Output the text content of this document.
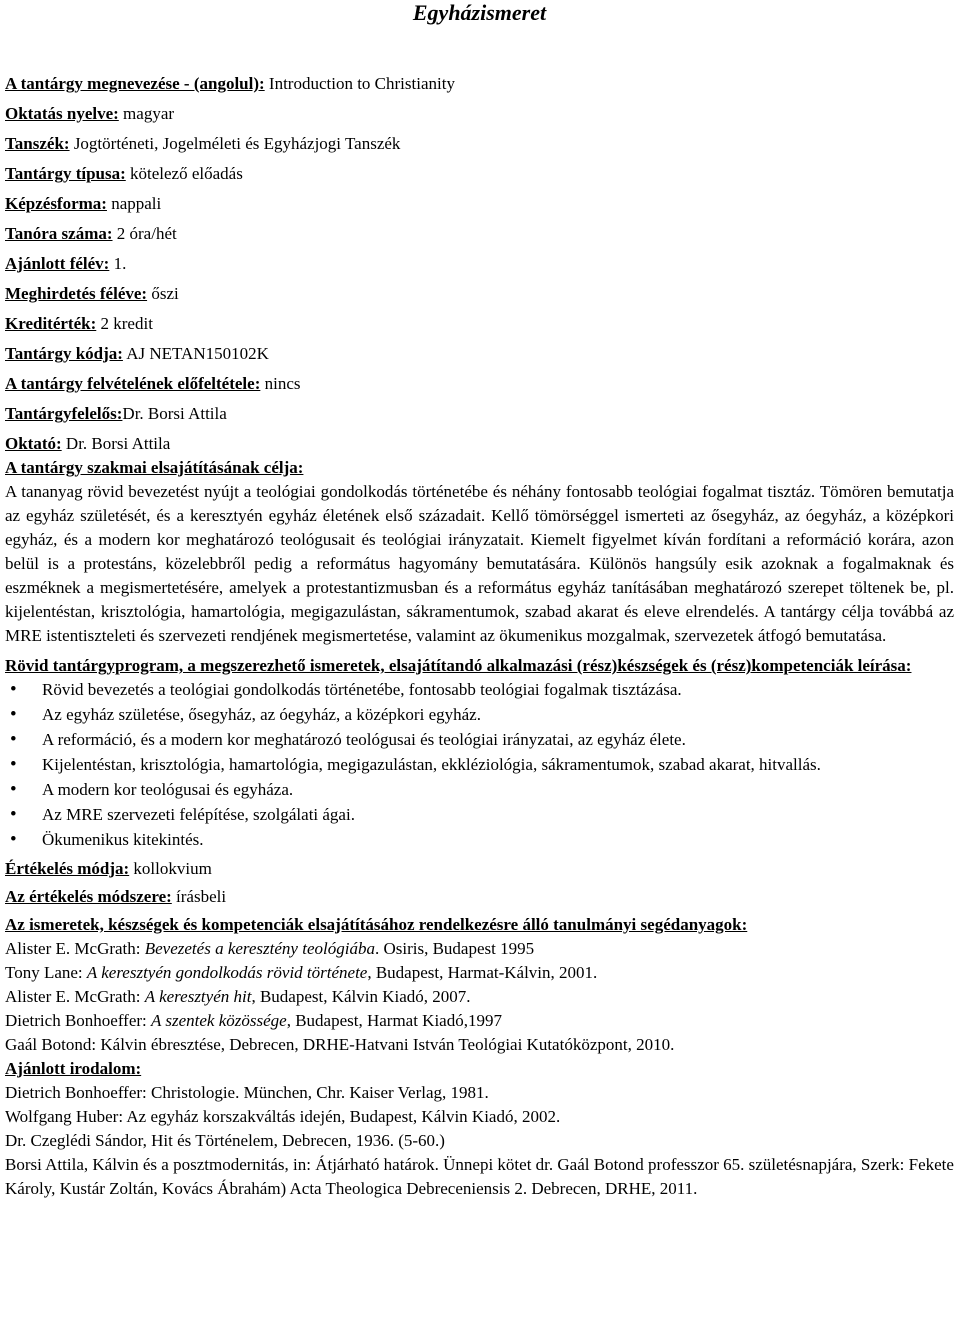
Egyházismeret

A tantárgy megnevezése - (angolul): Introduction to Christianity

Oktatás nyelve: magyar

Tanszék: Jogtörténeti, Jogelméleti és Egyházjogi Tanszék

Tantárgy típusa: kötelező előadás

Képzésforma: nappali

Tanóra száma: 2 óra/hét

Ajánlott félév: 1.

Meghirdetés féléve: őszi

Kreditérték: 2 kredit

Tantárgy kódja: AJ NETAN150102K

A tantárgy felvételének előfeltétele: nincs

Tantárgyfelelős:Dr. Borsi Attila

Oktató: Dr. Borsi Attila

A tantárgy szakmai elsajátításának célja:

A tananyag rövid bevezetést nyújt a teológiai gondolkodás történetébe és néhány fontosabb teológiai fogalmat tisztáz. Tömören bemutatja az egyház születését, és a keresztyén egyház életének első századait. Kellő tömörséggel ismerteti az ősegyház, az óegyház, a középkori egyház, és a modern kor meghatározó teológusait és teológiai irányzatait. Kiemelt figyelmet kíván fordítani a reformáció korára, azon belül is a protestáns, közelebbről pedig a református hagyomány bemutatására. Különös hangsúly esik azoknak a fogalmaknak és eszméknek a megismertetésére, amelyek a protestantizmusban és a református egyház tanításában meghatározó szerepet töltenek be, pl. kijelentéstan, krisztológia, hamartológia, megigazulástan, sákramentumok, szabad akarat és eleve elrendelés. A tantárgy célja továbbá az MRE istentiszteleti és szervezeti rendjének megismertetése, valamint az ökumenikus mozgalmak, szervezetek átfogó bemutatása.

Rövid tantárgyprogram, a megszerezhető ismeretek, elsajátítandó alkalmazási (rész)készségek és (rész)kompetenciák leírása:

• Rövid bevezetés a teológiai gondolkodás történetébe, fontosabb teológiai fogalmak tisztázása.
• Az egyház születése, ősegyház, az óegyház, a középkori egyház.
• A reformáció, és a modern kor meghatározó teológusai és teológiai irányzatai, az egyház élete.
• Kijelentéstan, krisztológia, hamartológia, megigazulástan, ekkléziológia, sákramentumok, szabad akarat, hitvallás.
• A modern kor teológusai és egyháza.
• Az MRE szervezeti felépítése, szolgálati ágai.
• Ökumenikus kitekintés.

Értékelés módja: kollokvium

Az értékelés módszere: írásbeli

Az ismeretek, készségek és kompetenciák elsajátításához rendelkezésre álló tanulmányi segédanyagok:

Alister E. McGrath: Bevezetés a keresztény teológiába. Osiris, Budapest 1995

Tony Lane: A keresztyén gondolkodás rövid története, Budapest, Harmat-Kálvin, 2001.

Alister E. McGrath: A keresztyén hit, Budapest, Kálvin Kiadó, 2007.

Dietrich Bonhoeffer: A szentek közössége, Budapest, Harmat Kiadó,1997

Gaál Botond: Kálvin ébresztése, Debrecen, DRHE-Hatvani István Teológiai Kutatóközpont, 2010.

Ajánlott irodalom:

Dietrich Bonhoeffer: Christologie. München, Chr. Kaiser Verlag, 1981.

Wolfgang Huber: Az egyház korszakváltás idején, Budapest, Kálvin Kiadó, 2002.

Dr. Czeglédi Sándor, Hit és Történelem, Debrecen, 1936. (5-60.)

Borsi Attila, Kálvin és a posztmodernitás, in: Átjárható határok. Ünnepi kötet dr. Gaál Botond professzor 65. születésnapjára, Szerk: Fekete Károly, Kustár Zoltán, Kovács Ábrahám) Acta Theologica Debreceniensis 2. Debrecen, DRHE, 2011.
